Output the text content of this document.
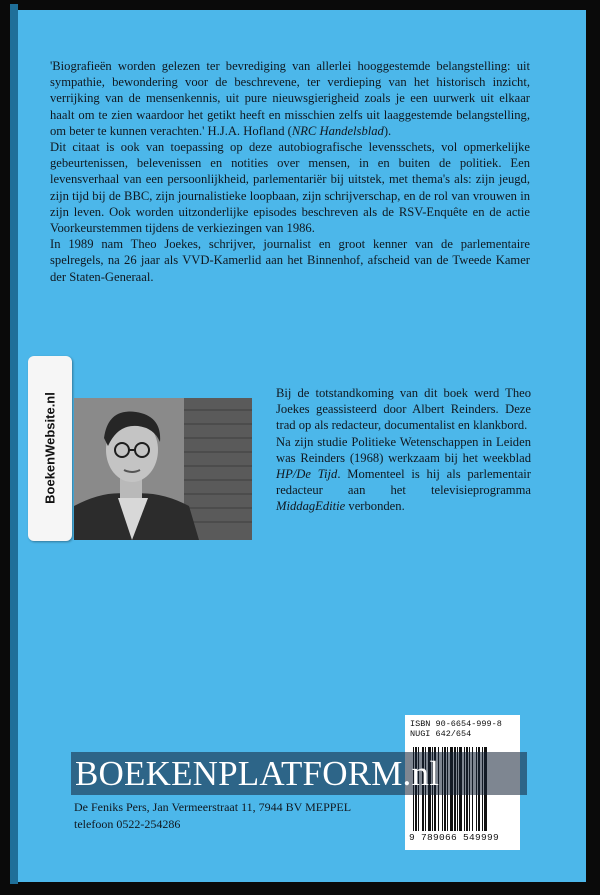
'Biografieën worden gelezen ter bevrediging van allerlei hooggestemde belangstelling: uit sympathie, bewondering voor de beschrevene, ter verdieping van het historisch inzicht, verrijking van de mensenkennis, uit pure nieuwsgierigheid zoals je een uurwerk uit elkaar haalt om te zien waardoor het getikt heeft en misschien zelfs uit laaggestemde belangstelling, om beter te kunnen verachten.' H.J.A. Hofland (NRC Handelsblad).

Dit citaat is ook van toepassing op deze autobiografische levensschets, vol opmerkelijke gebeurtenissen, belevenissen en notities over mensen, in en buiten de politiek. Een levensverhaal van een persoonlijkheid, parlementariër bij uitstek, met thema's als: zijn jeugd, zijn tijd bij de BBC, zijn journalistieke loopbaan, zijn schrijverschap, en de rol van vrouwen in zijn leven. Ook worden uitzonderlijke episodes beschreven als de RSV-Enquête en de actie Voorkeurstemmen tijdens de verkiezingen van 1986.

In 1989 nam Theo Joekes, schrijver, journalist en groot kenner van de parlementaire spelregels, na 26 jaar als VVD-Kamerlid aan het Binnenhof, afscheid van de Tweede Kamer der Staten-Generaal.

BoekenWebsite.nl	Bij de totstandkoming van dit boek werd Theo Joekes geassisteerd door Albert Reinders. Deze trad op als redacteur, documentalist en klankbord.

Na zijn studie Politieke Wetenschappen in Leiden was Reinders (1968) werkzaam bij het weekblad HP/De Tijd. Momenteel is hij als parlementair redacteur aan het televisieprogramma MiddagEditie verbonden.

ISBN 90-6654-999-8
NUGI 642/654
9 789066 549999
BOEKENPLATFORM.nl
De Feniks Pers, Jan Vermeerstraat 11, 7944 BV MEPPEL
telefoon 0522-254286
